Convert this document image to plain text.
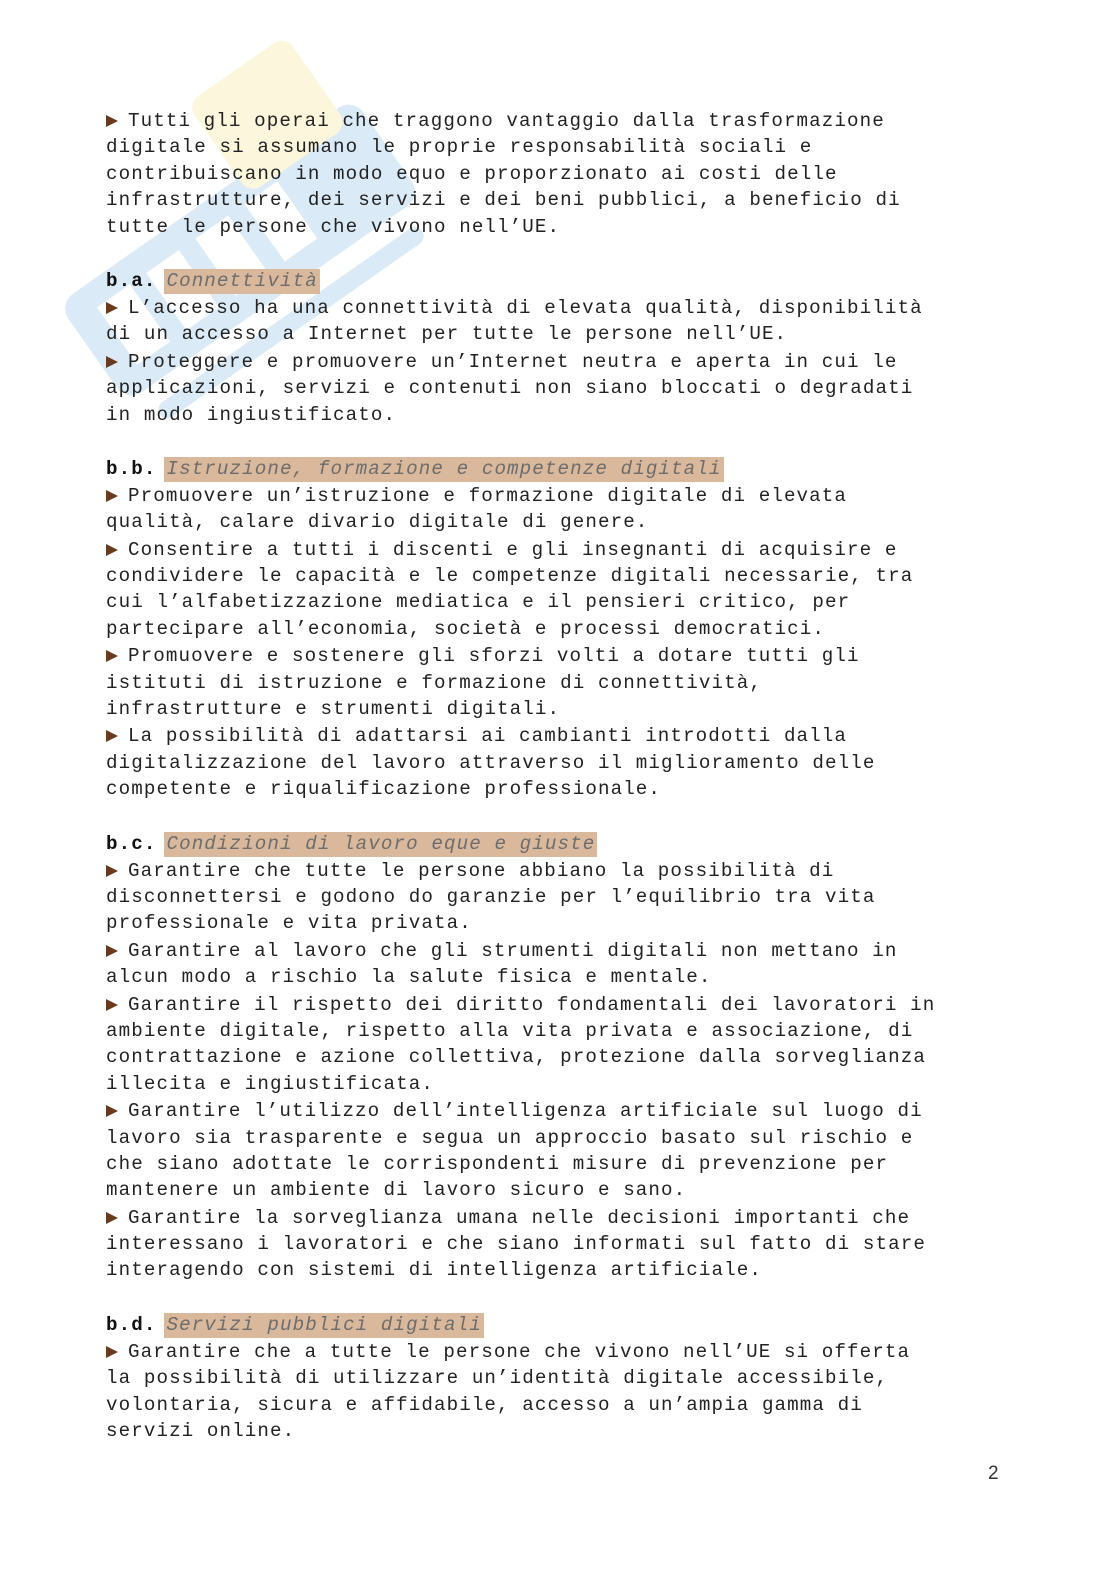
Tutti gli operai che traggono vantaggio dalla trasformazione
digitale si assumano le proprie responsabilità sociali e
contribuiscano in modo equo e proporzionato ai costi delle
infrastrutture, dei servizi e dei beni pubblici, a beneficio di
tutte le persone che vivono nell’UE.
b.a. Connettività
L’accesso ha una connettività di elevata qualità, disponibilità
di un accesso a Internet per tutte le persone nell’UE.
Proteggere e promuovere un’Internet neutra e aperta in cui le
applicazioni, servizi e contenuti non siano bloccati o degradati
in modo ingiustificato.
b.b. Istruzione, formazione e competenze digitali
Promuovere un’istruzione e formazione digitale di elevata
qualità, calare divario digitale di genere.
Consentire a tutti i discenti e gli insegnanti di acquisire e
condividere le capacità e le competenze digitali necessarie, tra
cui l’alfabetizzazione mediatica e il pensieri critico, per
partecipare all’economia, società e processi democratici.
Promuovere e sostenere gli sforzi volti a dotare tutti gli
istituti di istruzione e formazione di connettività,
infrastrutture e strumenti digitali.
La possibilità di adattarsi ai cambianti introdotti dalla
digitalizzazione del lavoro attraverso il miglioramento delle
competente e riqualificazione professionale.
b.c. Condizioni di lavoro eque e giuste
Garantire che tutte le persone abbiano la possibilità di
disconnettersi e godono do garanzie per l’equilibrio tra vita
professionale e vita privata.
Garantire al lavoro che gli strumenti digitali non mettano in
alcun modo a rischio la salute fisica e mentale.
Garantire il rispetto dei diritto fondamentali dei lavoratori in
ambiente digitale, rispetto alla vita privata e associazione, di
contrattazione e azione collettiva, protezione dalla sorveglianza
illecita e ingiustificata.
Garantire l’utilizzo dell’intelligenza artificiale sul luogo di
lavoro sia trasparente e segua un approccio basato sul rischio e
che siano adottate le corrispondenti misure di prevenzione per
mantenere un ambiente di lavoro sicuro e sano.
Garantire la sorveglianza umana nelle decisioni importanti che
interessano i lavoratori e che siano informati sul fatto di stare
interagendo con sistemi di intelligenza artificiale.
b.d. Servizi pubblici digitali
Garantire che a tutte le persone che vivono nell’UE si offerta
la possibilità di utilizzare un’identità digitale accessibile,
volontaria, sicura e affidabile, accesso a un’ampia gamma di
servizi online.
2
